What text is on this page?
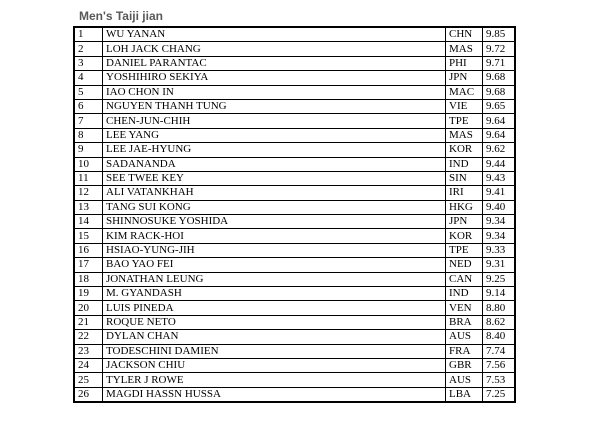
Men's Taiji jian
1	WU YANAN	CHN	9.85
2	LOH JACK CHANG	MAS	9.72
3	DANIEL PARANTAC	PHI	9.71
4	YOSHIHIRO SEKIYA	JPN	9.68
5	IAO CHON IN	MAC	9.68
6	NGUYEN THANH TUNG	VIE	9.65
7	CHEN-JUN-CHIH	TPE	9.64
8	LEE YANG	MAS	9.64
9	LEE JAE-HYUNG	KOR	9.62
10	SADANANDA	IND	9.44
11	SEE TWEE KEY	SIN	9.43
12	ALI VATANKHAH	IRI	9.41
13	TANG SUI KONG	HKG	9.40
14	SHINNOSUKE YOSHIDA	JPN	9.34
15	KIM RACK-HOI	KOR	9.34
16	HSIAO-YUNG-JIH	TPE	9.33
17	BAO YAO FEI	NED	9.31
18	JONATHAN LEUNG	CAN	9.25
19	M. GYANDASH	IND	9.14
20	LUIS PINEDA	VEN	8.80
21	ROQUE NETO	BRA	8.62
22	DYLAN CHAN	AUS	8.40
23	TODESCHINI DAMIEN	FRA	7.74
24	JACKSON CHIU	GBR	7.56
25	TYLER J ROWE	AUS	7.53
26	MAGDI HASSN HUSSA	LBA	7.25
